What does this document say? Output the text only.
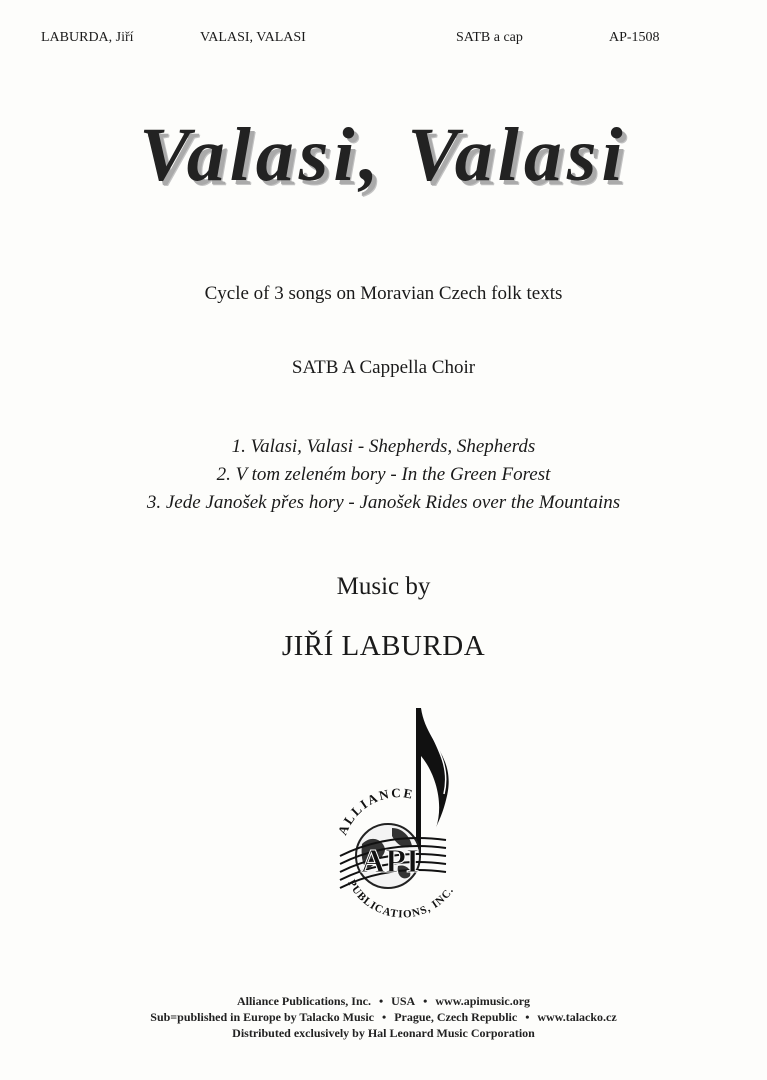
LABURDA, Jiří	VALASI, VALASI	SATB a cap	AP-1508
Valasi, Valasi
Cycle of 3 songs on Moravian Czech folk texts
SATB A Cappella Choir
1. Valasi, Valasi - Shepherds, Shepherds
2. V tom zeleném bory - In the Green Forest
3. Jede Janošek přes hory - Janošek Rides over the Mountains
Music by
JIŘÍ LABURDA
API
ALLIANCE
PUBLICATIONS, INC.
Alliance Publications, Inc. • USA • www.apimusic.org
Sub=published in Europe by Talacko Music • Prague, Czech Republic • www.talacko.cz
Distributed exclusively by Hal Leonard Music Corporation
